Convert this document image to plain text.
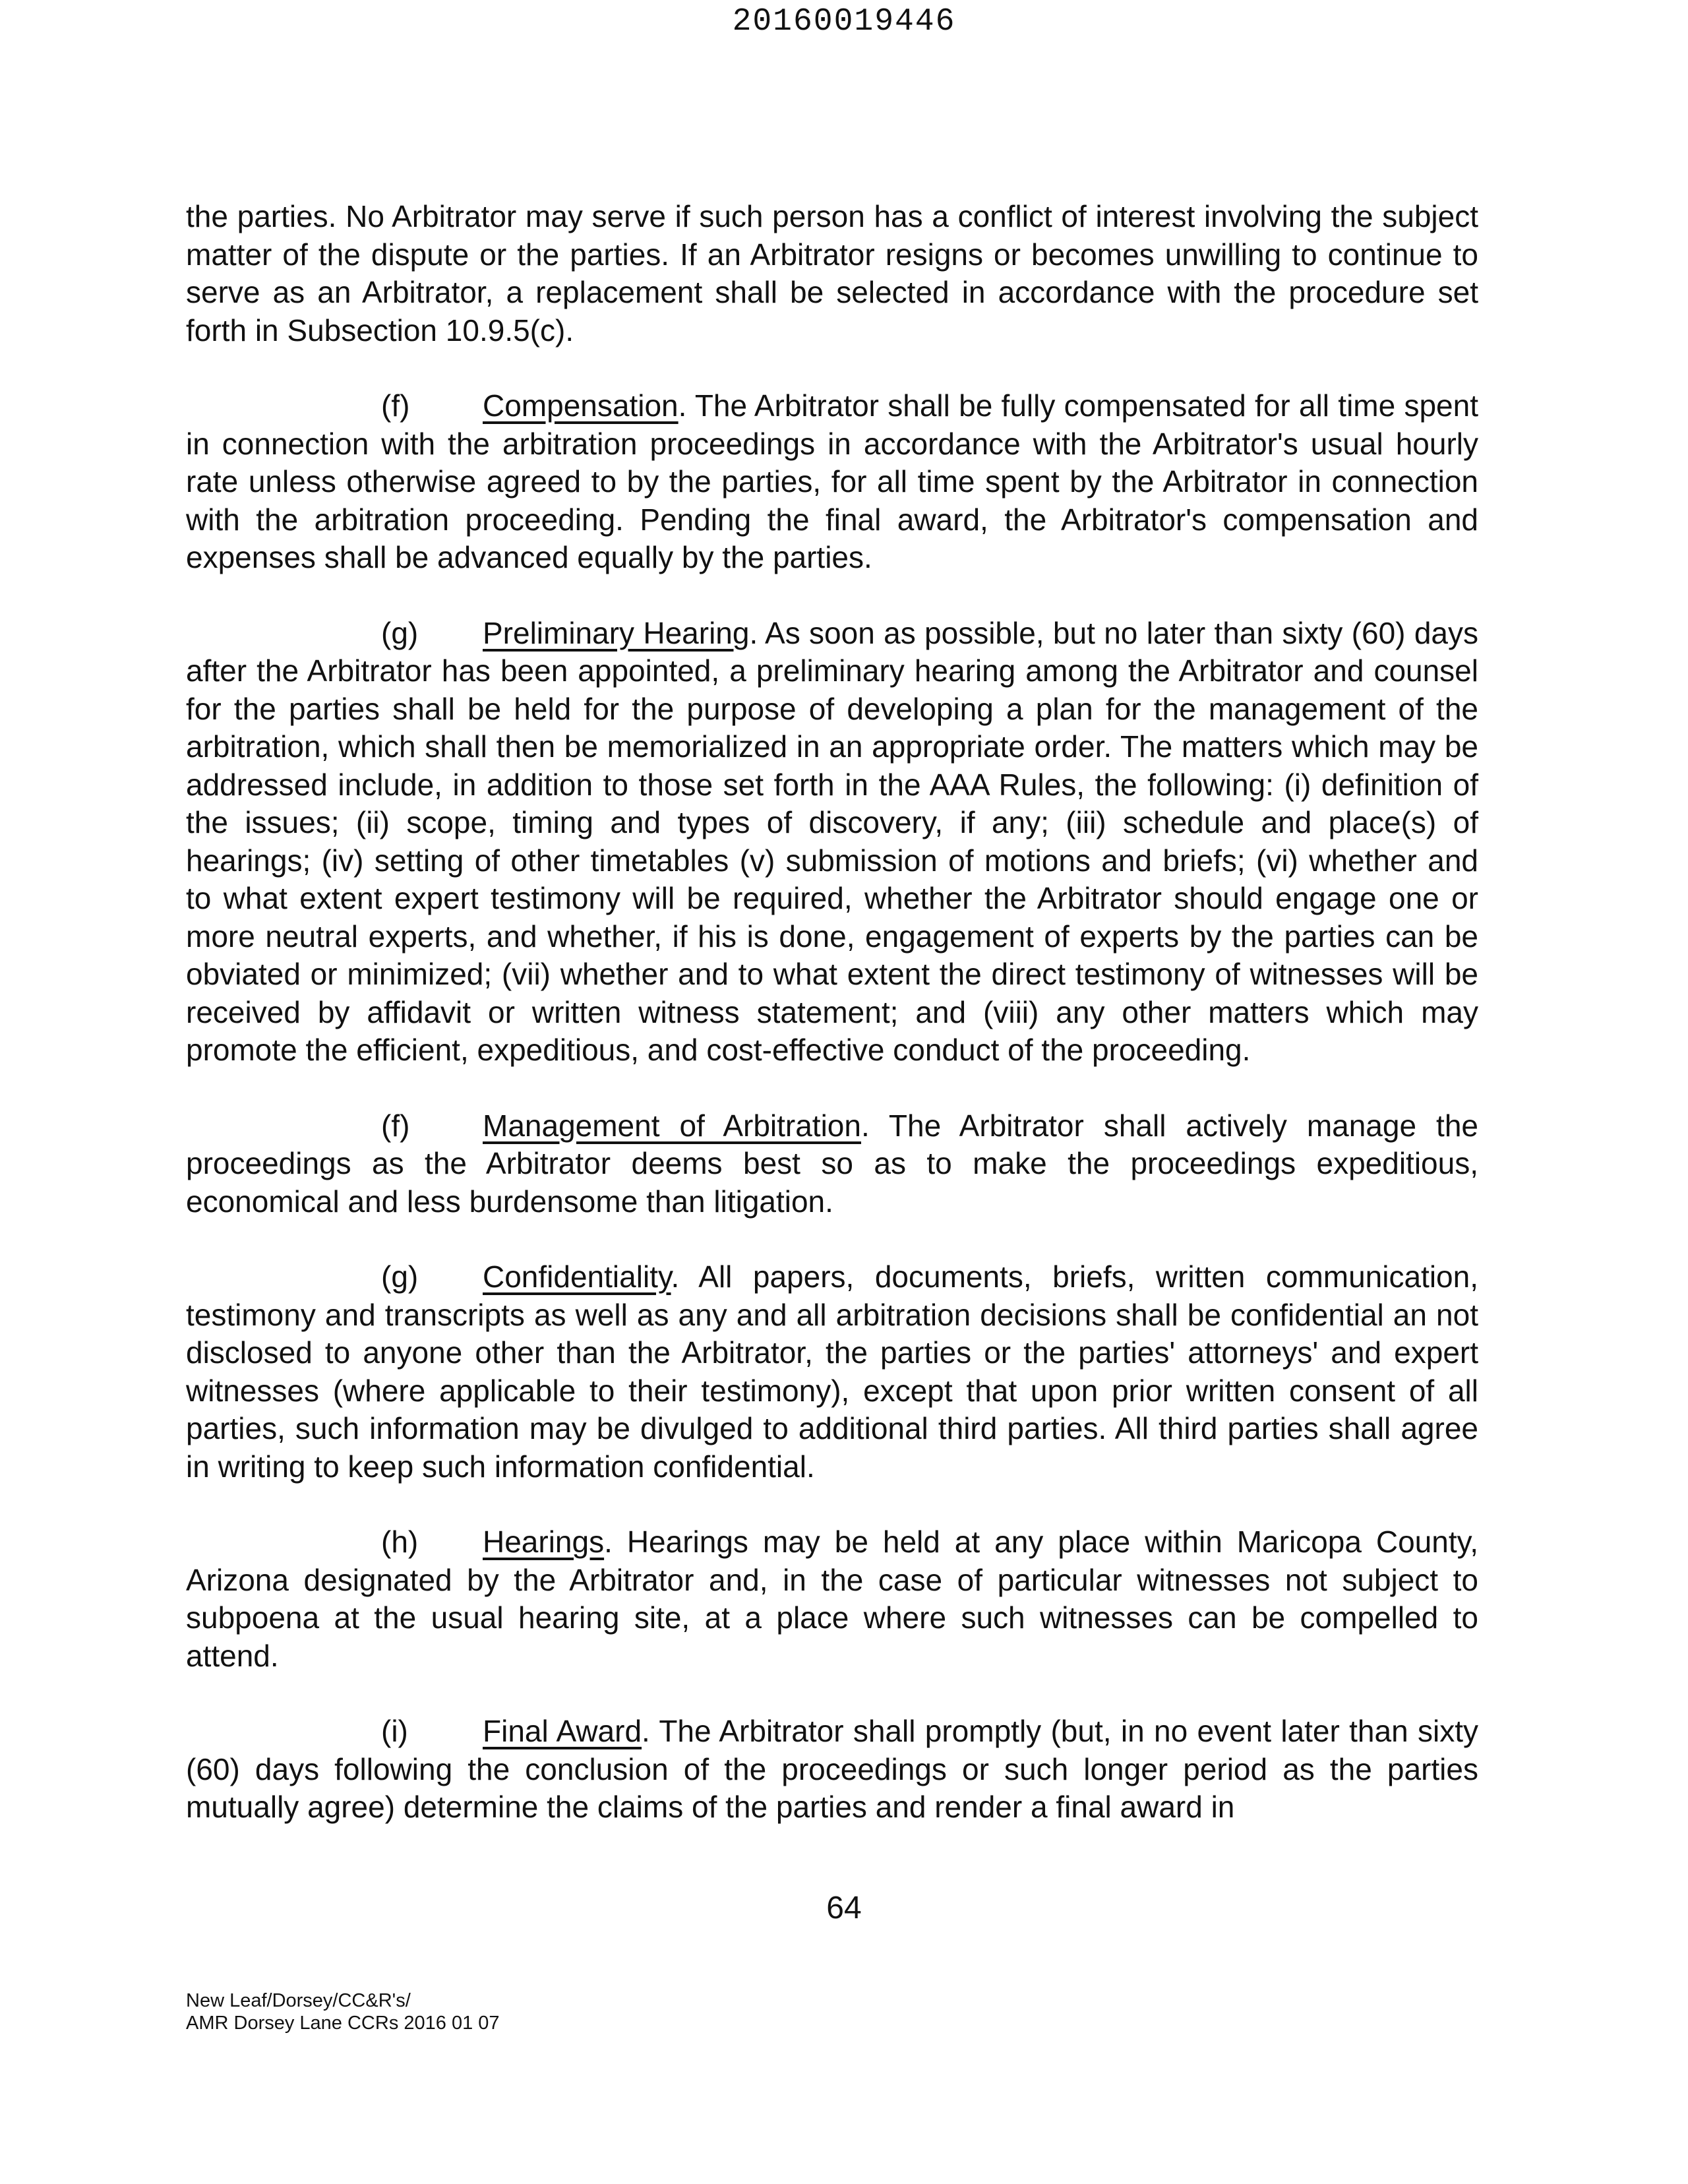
20160019446

the parties. No Arbitrator may serve if such person has a conflict of interest involving the subject matter of the dispute or the parties. If an Arbitrator resigns or becomes unwilling to continue to serve as an Arbitrator, a replacement shall be selected in accordance with the procedure set forth in Subsection 10.9.5(c).

(f) Compensation. The Arbitrator shall be fully compensated for all time spent in connection with the arbitration proceedings in accordance with the Arbitrator's usual hourly rate unless otherwise agreed to by the parties, for all time spent by the Arbitrator in connection with the arbitration proceeding. Pending the final award, the Arbitrator's compensation and expenses shall be advanced equally by the parties.

(g) Preliminary Hearing. As soon as possible, but no later than sixty (60) days after the Arbitrator has been appointed, a preliminary hearing among the Arbitrator and counsel for the parties shall be held for the purpose of developing a plan for the management of the arbitration, which shall then be memorialized in an appropriate order. The matters which may be addressed include, in addition to those set forth in the AAA Rules, the following: (i) definition of the issues; (ii) scope, timing and types of discovery, if any; (iii) schedule and place(s) of hearings; (iv) setting of other timetables (v) submission of motions and briefs; (vi) whether and to what extent expert testimony will be required, whether the Arbitrator should engage one or more neutral experts, and whether, if his is done, engagement of experts by the parties can be obviated or minimized; (vii) whether and to what extent the direct testimony of witnesses will be received by affidavit or written witness statement; and (viii) any other matters which may promote the efficient, expeditious, and cost-effective conduct of the proceeding.

(f) Management of Arbitration. The Arbitrator shall actively manage the proceedings as the Arbitrator deems best so as to make the proceedings expeditious, economical and less burdensome than litigation.

(g) Confidentiality. All papers, documents, briefs, written communication, testimony and transcripts as well as any and all arbitration decisions shall be confidential an not disclosed to anyone other than the Arbitrator, the parties or the parties' attorneys' and expert witnesses (where applicable to their testimony), except that upon prior written consent of all parties, such information may be divulged to additional third parties. All third parties shall agree in writing to keep such information confidential.

(h) Hearings. Hearings may be held at any place within Maricopa County, Arizona designated by the Arbitrator and, in the case of particular witnesses not subject to subpoena at the usual hearing site, at a place where such witnesses can be compelled to attend.

(i) Final Award. The Arbitrator shall promptly (but, in no event later than sixty (60) days following the conclusion of the proceedings or such longer period as the parties mutually agree) determine the claims of the parties and render a final award in

64
New Leaf/Dorsey/CC&R's/
AMR Dorsey Lane CCRs 2016 01 07
